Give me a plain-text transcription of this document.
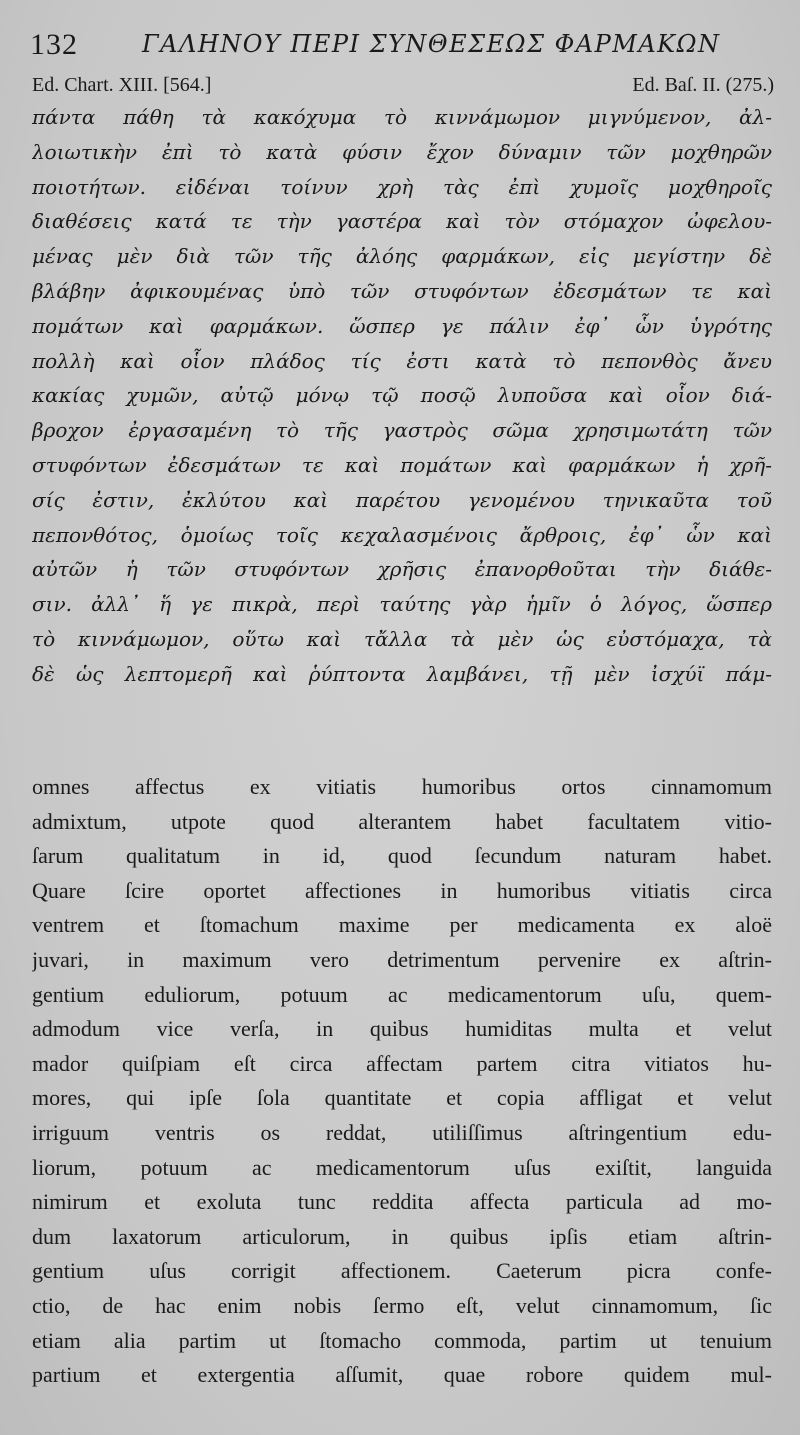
132	ΓΑΛΗΝΟΥ ΠΕΡΙ ΣΥΝΘΕΣΕΩΣ ΦΑΡΜΑΚΩΝ
Ed. Chart. XIII. [564.]	Ed. Baſ. II. (275.)
πάντα πάθη τὰ κακόχυμα τὸ κιννάμωμον μιγνύμενον, ἀλ-
λοιωτικὴν ἐπὶ τὸ κατὰ φύσιν ἔχον δύναμιν τῶν μοχθηρῶν
ποιοτήτων. εἰδέναι τοίνυν χρὴ τὰς ἐπὶ χυμοῖς μοχθηροῖς
διαθέσεις κατά τε τὴν γαστέρα καὶ τὸν στόμαχον ὠφελου-
μένας μὲν διὰ τῶν τῆς ἀλόης φαρμάκων, εἰς μεγίστην δὲ
βλάβην ἀφικουμένας ὑπὸ τῶν στυφόντων ἐδεσμάτων τε καὶ
πομάτων καὶ φαρμάκων. ὥσπερ γε πάλιν ἐφ᾽ ὧν ὑγρότης
πολλὴ καὶ οἷον πλάδος τίς ἐστι κατὰ τὸ πεπονθὸς ἄνευ
κακίας χυμῶν, αὐτῷ μόνῳ τῷ ποσῷ λυποῦσα καὶ οἷον διά-
βροχον ἐργασαμένη τὸ τῆς γαστρὸς σῶμα χρησιμωτάτη τῶν
στυφόντων ἐδεσμάτων τε καὶ πομάτων καὶ φαρμάκων ἡ χρῆ-
σίς ἐστιν, ἐκλύτου καὶ παρέτου γενομένου τηνικαῦτα τοῦ
πεπονθότος, ὁμοίως τοῖς κεχαλασμένοις ἄρθροις, ἐφ᾽ ὧν καὶ
αὐτῶν ἡ τῶν στυφόντων χρῆσις ἐπανορθοῦται τὴν διάθε-
σιν. ἀλλ᾽ ἥ γε πικρὰ, περὶ ταύτης γὰρ ἡμῖν ὁ λόγος, ὥσπερ
τὸ κιννάμωμον, οὕτω καὶ τἄλλα τὰ μὲν ὡς εὐστόμαχα, τὰ
δὲ ὡς λεπτομερῆ καὶ ῥύπτοντα λαμβάνει, τῇ μὲν ἰσχύϊ πάμ-
omnes affectus ex vitiatis humoribus ortos cinnamomum
admixtum, utpote quod alterantem habet facultatem vitio-
ſarum qualitatum in id, quod ſecundum naturam habet.
Quare ſcire oportet affectiones in humoribus vitiatis circa
ventrem et ſtomachum maxime per medicamenta ex aloë
juvari, in maximum vero detrimentum pervenire ex aſtrin-
gentium eduliorum, potuum ac medicamentorum uſu, quem-
admodum vice verſa, in quibus humiditas multa et velut
mador quiſpiam eſt circa affectam partem citra vitiatos hu-
mores, qui ipſe ſola quantitate et copia affligat et velut
irriguum ventris os reddat, utiliſſimus aſtringentium edu-
liorum, potuum ac medicamentorum uſus exiſtit, languida
nimirum et exoluta tunc reddita affecta particula ad mo-
dum laxatorum articulorum, in quibus ipſis etiam aſtrin-
gentium uſus corrigit affectionem. Caeterum picra confe-
ctio, de hac enim nobis ſermo eſt, velut cinnamomum, ſic
etiam alia partim ut ſtomacho commoda, partim ut tenuium
partium et extergentia aſſumit, quae robore quidem mul-
